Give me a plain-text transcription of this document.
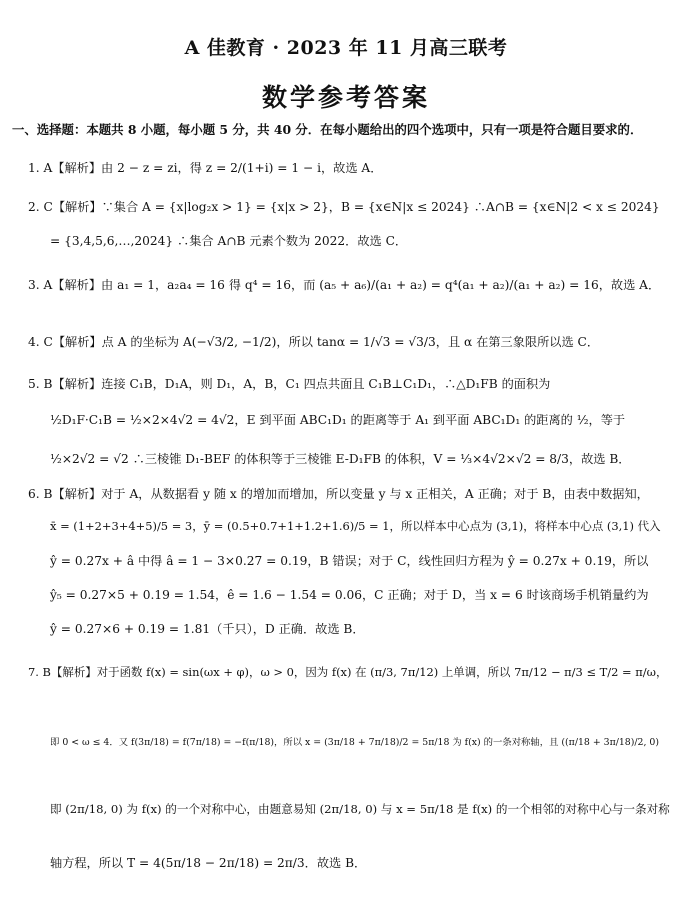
A 佳教育 · 2023 年 11 月高三联考
数学参考答案
一、选择题：本题共 8 小题，每小题 5 分，共 40 分．在每小题给出的四个选项中，只有一项是符合题目要求的．
1. A【解析】由 2 − z = zi，得 z = 2/(1+i) = 1 − i，故选 A．
2. C【解析】∵集合 A = {x|log₂x > 1} = {x|x > 2}，B = {x∈N|x ≤ 2024} ∴A∩B = {x∈N|2 < x ≤ 2024}
= {3,4,5,6,…,2024} ∴集合 A∩B 元素个数为 2022．故选 C．
3. A【解析】由 a₁ = 1，a₂a₄ = 16 得 q⁴ = 16，而 (a₅ + a₆)/(a₁ + a₂) = q⁴(a₁ + a₂)/(a₁ + a₂) = 16，故选 A．
4. C【解析】点 A 的坐标为 A(−√3/2, −1/2)，所以 tanα = 1/√3 = √3/3，且 α 在第三象限所以选 C．
5. B【解析】连接 C₁B，D₁A，则 D₁，A，B，C₁ 四点共面且 C₁B⊥C₁D₁，∴△D₁FB 的面积为
½D₁F·C₁B = ½×2×4√2 = 4√2，E 到平面 ABC₁D₁ 的距离等于 A₁ 到平面 ABC₁D₁ 的距离的 ½，等于
½×2√2 = √2 ∴三棱锥 D₁-BEF 的体积等于三棱锥 E-D₁FB 的体积，V = ⅓×4√2×√2 = 8/3，故选 B．
6. B【解析】对于 A，从数据看 y 随 x 的增加而增加，所以变量 y 与 x 正相关，A 正确；对于 B，由表中数据知，
x̄ = (1+2+3+4+5)/5 = 3，ȳ = (0.5+0.7+1+1.2+1.6)/5 = 1，所以样本中心点为 (3,1)，将样本中心点 (3,1) 代入
ŷ = 0.27x + â 中得 â = 1 − 3×0.27 = 0.19，B 错误；对于 C，线性回归方程为 ŷ = 0.27x + 0.19，所以
ŷ₅ = 0.27×5 + 0.19 = 1.54，ê = 1.6 − 1.54 = 0.06，C 正确；对于 D，当 x = 6 时该商场手机销量约为
ŷ = 0.27×6 + 0.19 = 1.81（千只），D 正确．故选 B．
7. B【解析】对于函数 f(x) = sin(ωx + φ)，ω > 0，因为 f(x) 在 (π/3, 7π/12) 上单调，所以 7π/12 − π/3 ≤ T/2 = π/ω，
即 0 < ω ≤ 4．又 f(3π/18) = f(7π/18) = −f(π/18)，所以 x = (3π/18 + 7π/18)/2 = 5π/18 为 f(x) 的一条对称轴，且 ((π/18 + 3π/18)/2, 0)
即 (2π/18, 0) 为 f(x) 的一个对称中心，由题意易知 (2π/18, 0) 与 x = 5π/18 是 f(x) 的一个相邻的对称中心与一条对称
轴方程，所以 T = 4(5π/18 − 2π/18) = 2π/3．故选 B．
